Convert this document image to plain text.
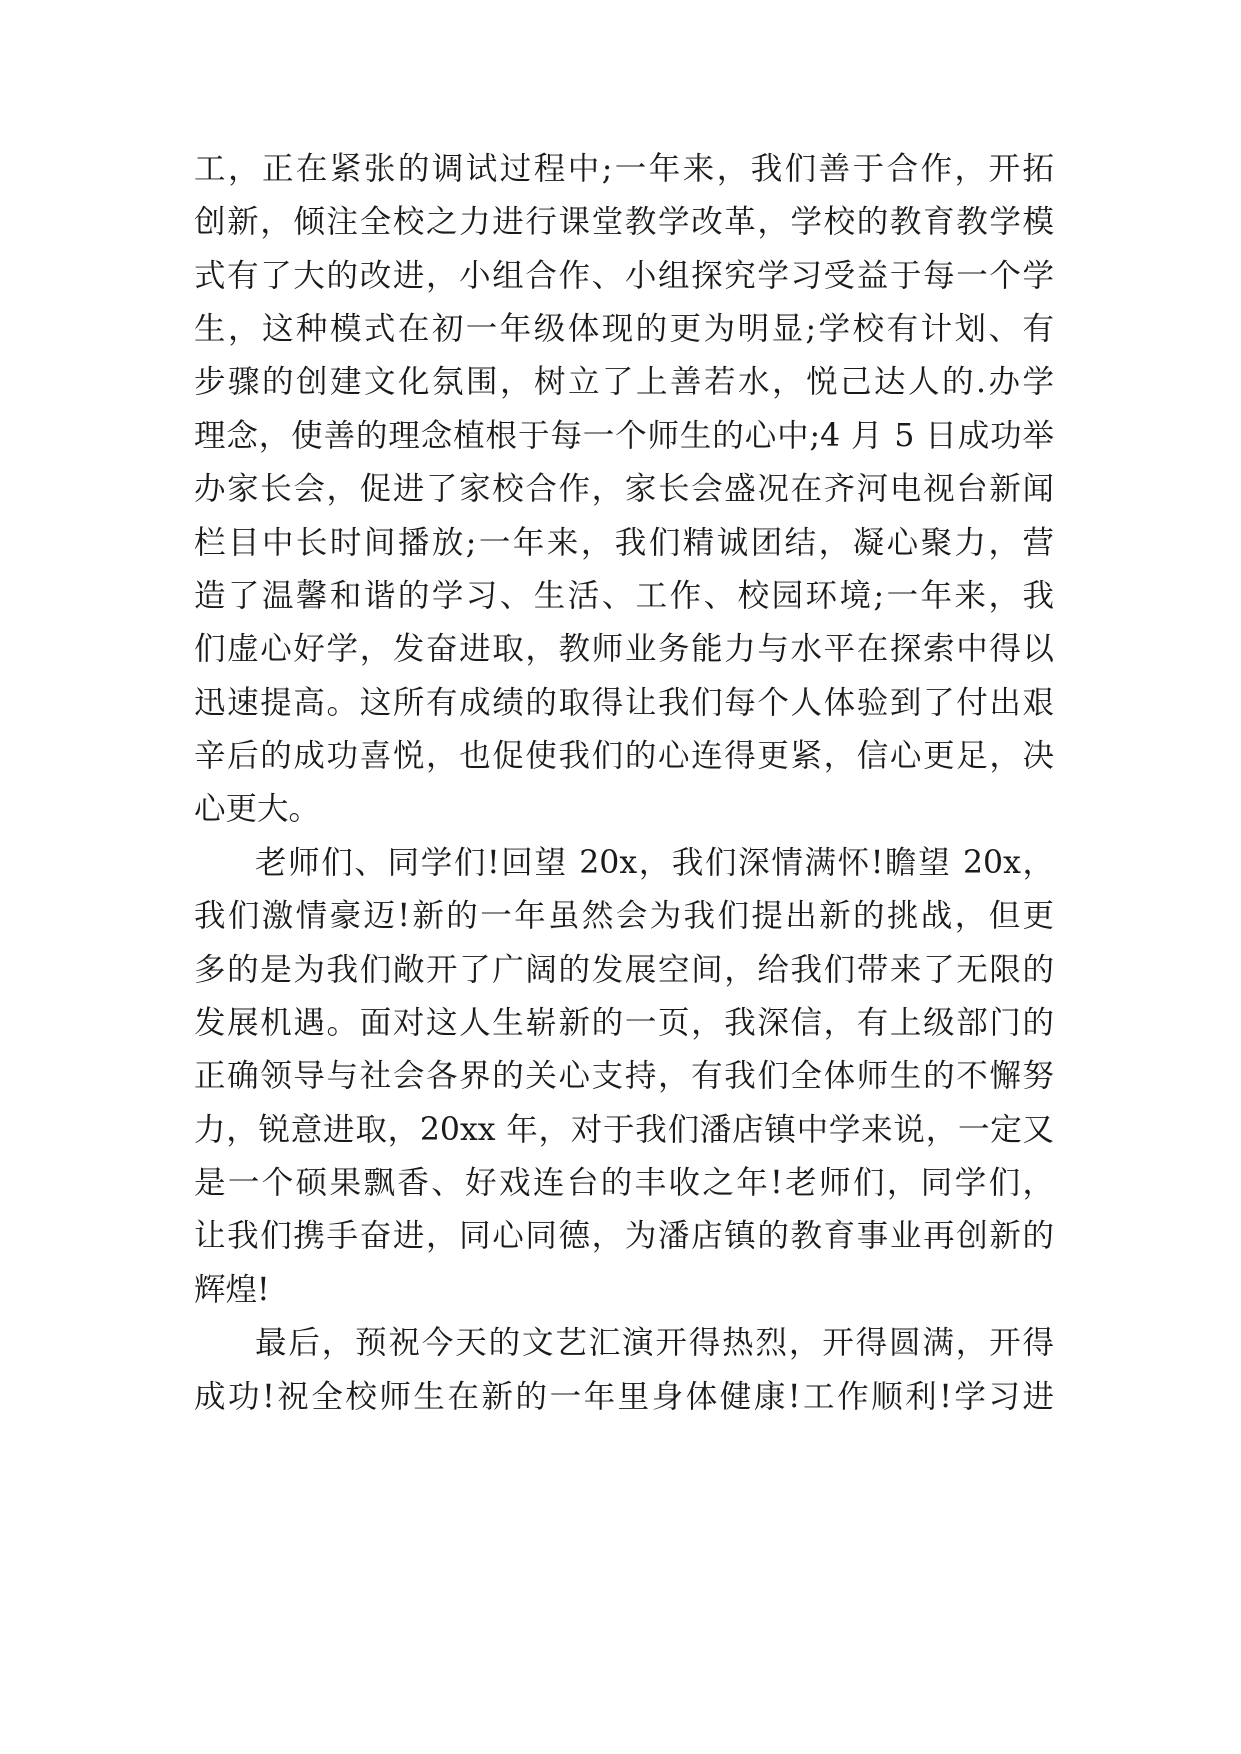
工，正在紧张的调试过程中;一年来，我们善于合作，开拓
创新，倾注全校之力进行课堂教学改革，学校的教育教学模
式有了大的改进，小组合作、小组探究学习受益于每一个学
生，这种模式在初一年级体现的更为明显;学校有计划、有
步骤的创建文化氛围，树立了上善若水，悦己达人的.办学
理念，使善的理念植根于每一个师生的心中;4 月 5 日成功举
办家长会，促进了家校合作，家长会盛况在齐河电视台新闻
栏目中长时间播放;一年来，我们精诚团结，凝心聚力，营
造了温馨和谐的学习、生活、工作、校园环境;一年来，我
们虚心好学，发奋进取，教师业务能力与水平在探索中得以
迅速提高。这所有成绩的取得让我们每个人体验到了付出艰
辛后的成功喜悦，也促使我们的心连得更紧，信心更足，决
心更大。
老师们、同学们!回望 20x，我们深情满怀!瞻望 20x，
我们激情豪迈!新的一年虽然会为我们提出新的挑战，但更
多的是为我们敞开了广阔的发展空间，给我们带来了无限的
发展机遇。面对这人生崭新的一页，我深信，有上级部门的
正确领导与社会各界的关心支持，有我们全体师生的不懈努
力，锐意进取，20xx 年，对于我们潘店镇中学来说，一定又
是一个硕果飘香、好戏连台的丰收之年!老师们，同学们，
让我们携手奋进，同心同德，为潘店镇的教育事业再创新的
辉煌!
最后，预祝今天的文艺汇演开得热烈，开得圆满，开得
成功!祝全校师生在新的一年里身体健康!工作顺利!学习进
